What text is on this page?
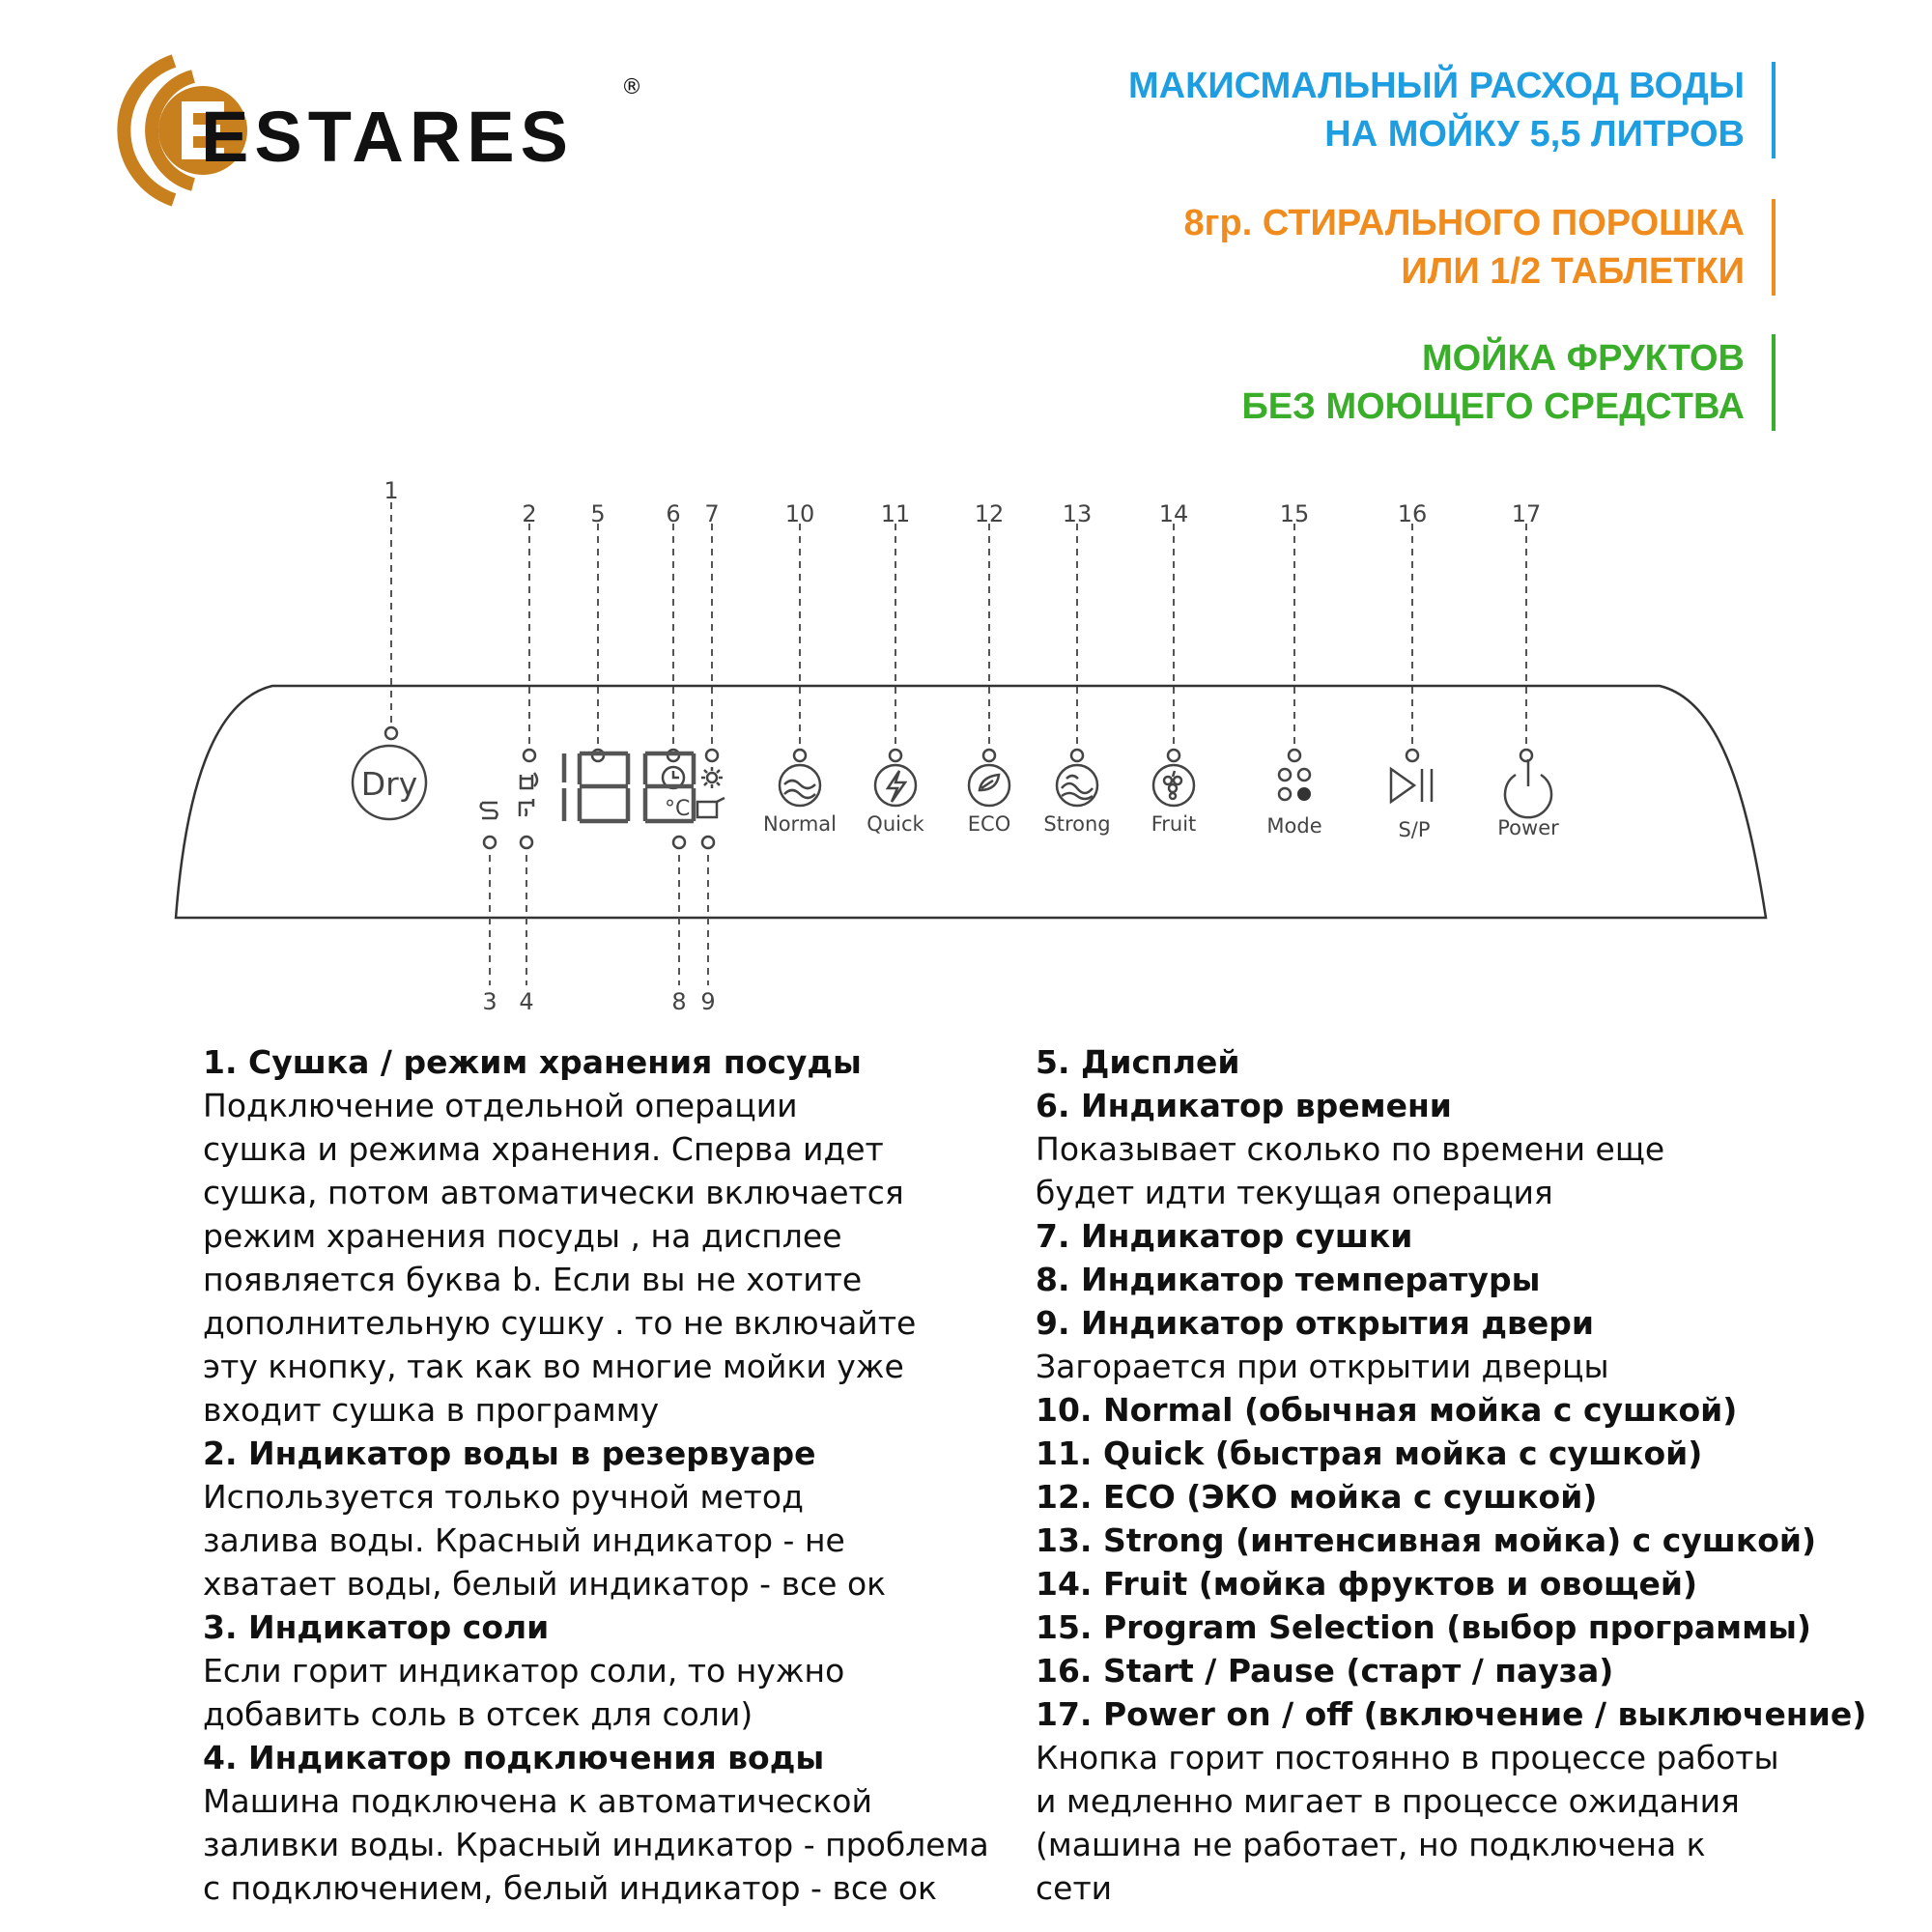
ESTARES
®	МАКИСМАЛЬНЫЙ РАСХОД ВОДЫ
НА МОЙКУ 5,5 ЛИТРОВ
8гр. СТИРАЛЬНОГО ПОРОШКА
ИЛИ 1/2 ТАБЛЕТКИ
МОЙКА ФРУКТОВ
БЕЗ МОЮЩЕГО СРЕДСТВА
1
2 5	6 7	10	11	12	13	14	15	16	17
3 4	8 9
Dry
°C
188
Normal Quick ECO Strong Fruit	Mode	S/P	Power
1. Сушка / режим хранения посуды
Подключение отдельной операции
сушка и режима хранения. Сперва идет
сушка, потом автоматически включается
режим хранения посуды , на дисплее
появляется буква b. Если вы не хотите
дополнительную сушку . то не включайте
эту кнопку, так как во многие мойки уже
входит сушка в программу
2. Индикатор воды в резервуаре
Используется только ручной метод
залива воды. Красный индикатор - не
хватает воды, белый индикатор - все ок
3. Индикатор соли
Если горит индикатор соли, то нужно
добавить соль в отсек для соли)
4. Индикатор подключения воды
Машина подключена к автоматической
заливки воды. Красный индикатор - проблема
с подключением, белый индикатор - все ок
5. Дисплей
6. Индикатор времени
Показывает сколько по времени еще
будет идти текущая операция
7. Индикатор сушки
8. Индикатор температуры
9. Индикатор открытия двери
Загорается при открытии дверцы
10. Normal (обычная мойка с сушкой)
11. Quick (быстрая мойка с сушкой)
12. ECO (ЭКО мойка с сушкой)
13. Strong (интенсивная мойка) с сушкой)
14. Fruit (мойка фруктов и овощей)
15. Program Selection (выбор программы)
16. Start / Pause (старт / пауза)
17. Power on / off (включение / выключение)
Кнопка горит постоянно в процессе работы
и медленно мигает в процессе ожидания
(машина не работает, но подключена к
сети
